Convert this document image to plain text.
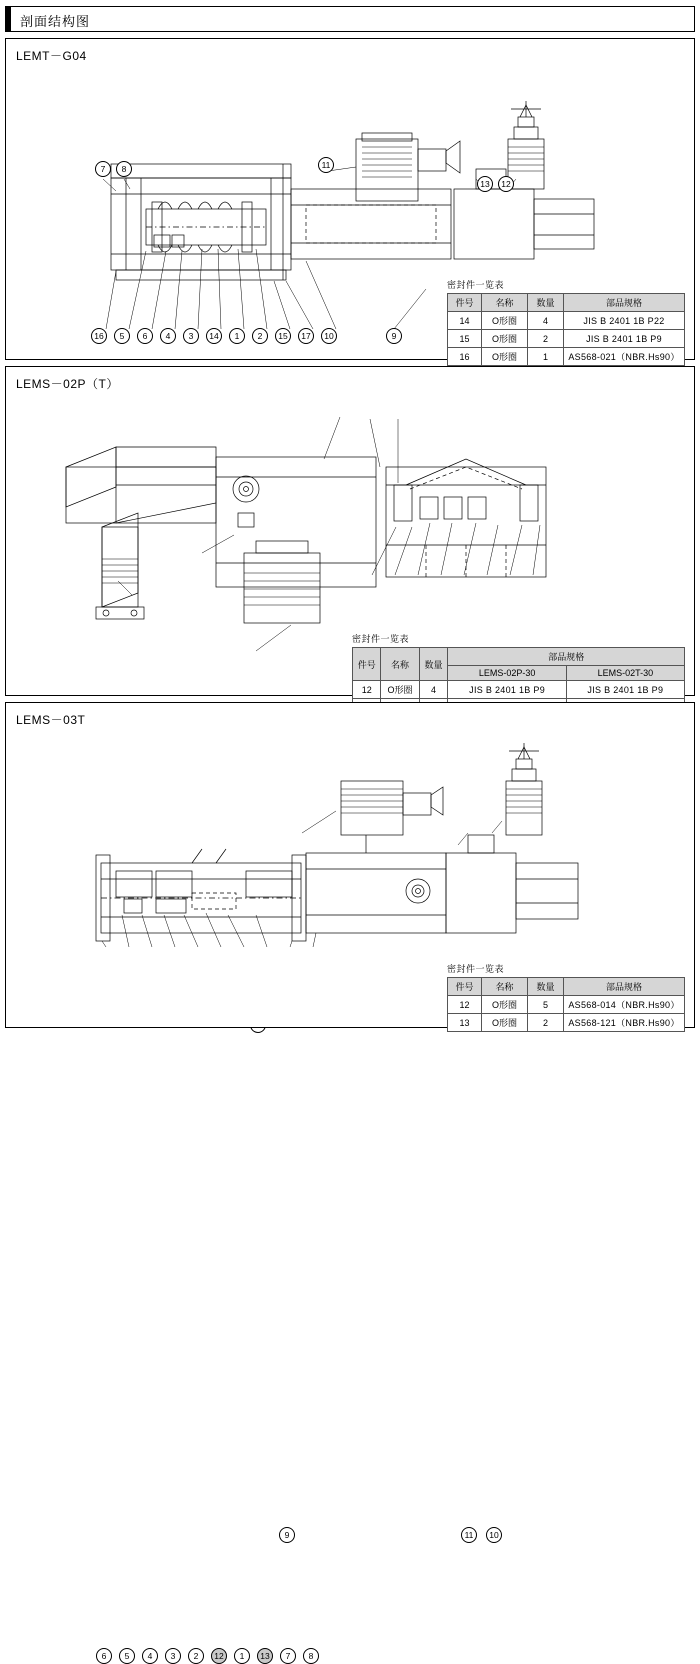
剖面结构图
LEMT－G04
7	8	11
13	12
9
16	5	6	4	3	14	1	2	15	17	10
密封件一览表
件号	名称	数量	部品规格
14	O形圈	4	JIS B 2401 1B P22
15	O形圈	2	JIS B 2401 1B P9
16	O形圈	1	AS568-021（NBR.Hs90）

LEMS－02P（T）
密封件一览表
件号	名称	数量	部品规格	
			LEMS-02P-30	LEMS-02T-30
12	O形圈	4	JIS B 2401 1B P9	JIS B 2401 1B P9

LEMS－03T
9	11	10
6	5	4	3	2	12	1	13	7	8
密封件一览表
件号	名称	数量	部品规格
12	O形圈	5	AS568-014（NBR.Hs90）
13	O形圈	2	AS568-121（NBR.Hs90）
